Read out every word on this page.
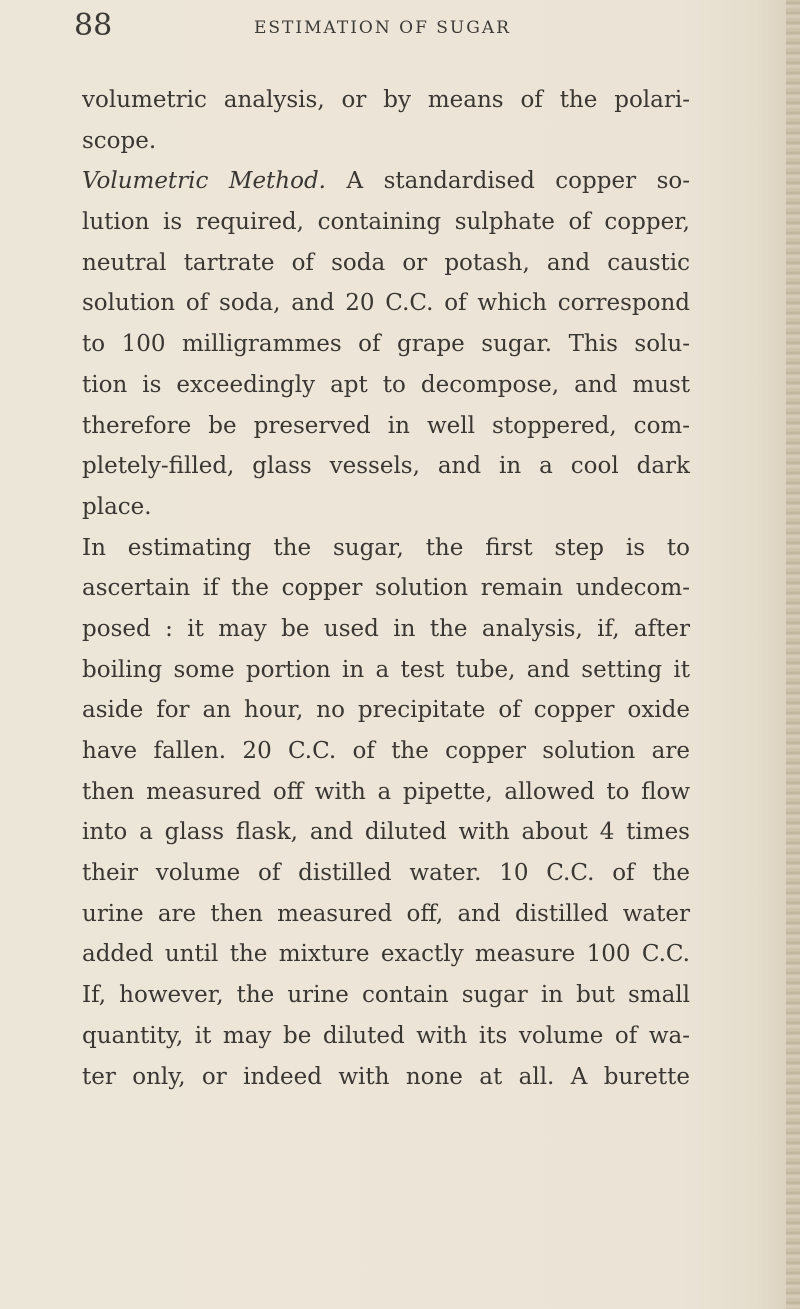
88	ESTIMATION OF SUGAR
volumetric analysis, or by means of the polari-
scope.
Volumetric Method. A standardised copper so-
lution is required, containing sulphate of copper,
neutral tartrate of soda or potash, and caustic
solution of soda, and 20 C.C. of which correspond
to 100 milligrammes of grape sugar. This solu-
tion is exceedingly apt to decompose, and must
therefore be preserved in well stoppered, com-
pletely-filled, glass vessels, and in a cool dark
place.
In estimating the sugar, the first step is to
ascertain if the copper solution remain undecom-
posed : it may be used in the analysis, if, after
boiling some portion in a test tube, and setting it
aside for an hour, no precipitate of copper oxide
have fallen. 20 C.C. of the copper solution are
then measured off with a pipette, allowed to flow
into a glass flask, and diluted with about 4 times
their volume of distilled water. 10 C.C. of the
urine are then measured off, and distilled water
added until the mixture exactly measure 100 C.C.
If, however, the urine contain sugar in but small
quantity, it may be diluted with its volume of wa-
ter only, or indeed with none at all. A burette
